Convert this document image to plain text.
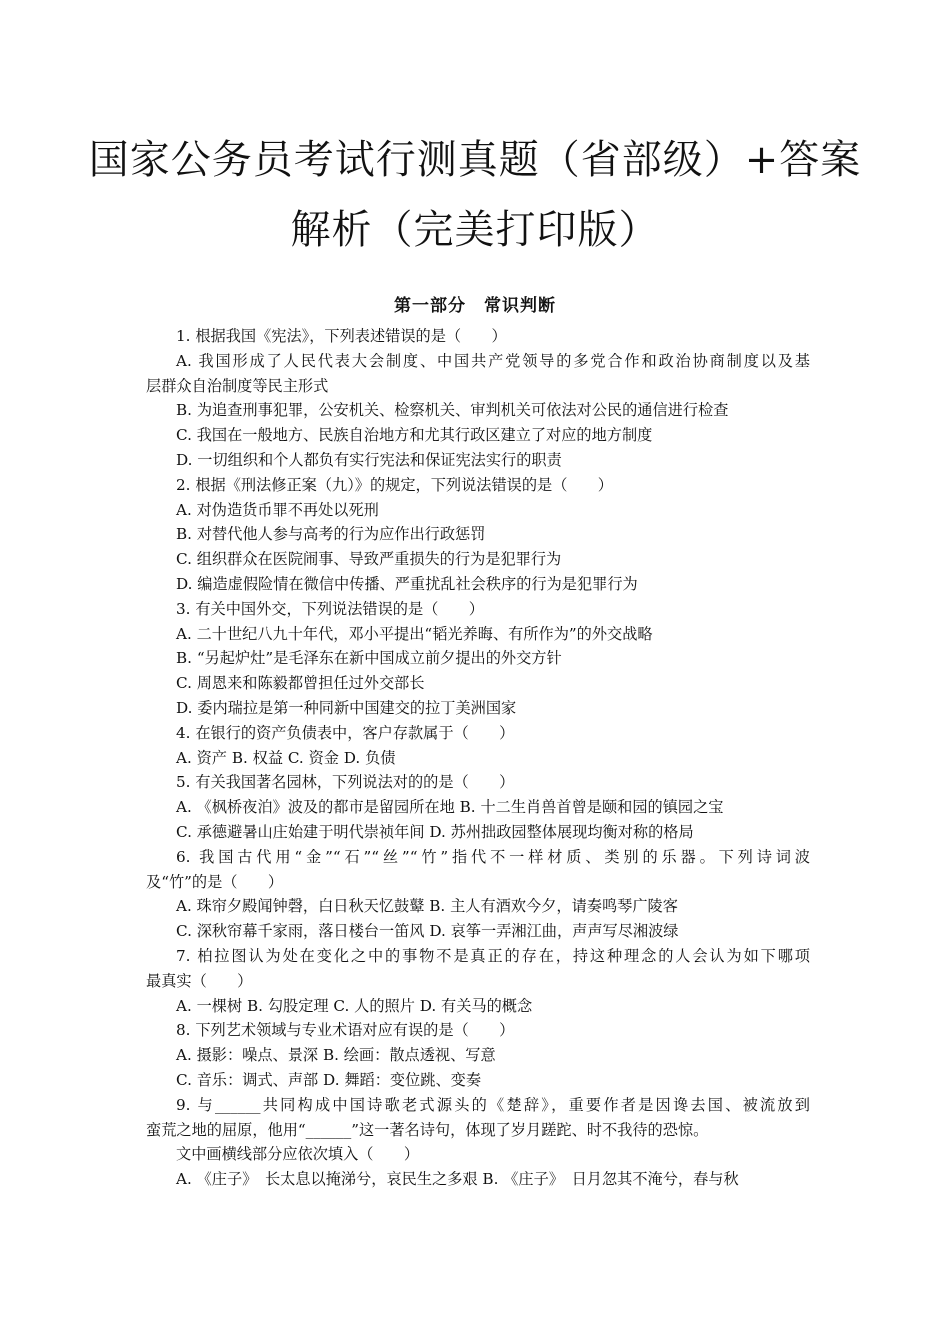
国家公务员考试行测真题（省部级）+答案
解析（完美打印版）
第一部分　常识判断
1. 根据我国《宪法》，下列表述错误的是（　　）
A. 我国形成了人民代表大会制度、中国共产党领导的多党合作和政治协商制度以及基
层群众自治制度等民主形式
B. 为追查刑事犯罪，公安机关、检察机关、审判机关可依法对公民的通信进行检查
C. 我国在一般地方、民族自治地方和尤其行政区建立了对应的地方制度
D. 一切组织和个人都负有实行宪法和保证宪法实行的职责
2. 根据《刑法修正案（九）》的规定，下列说法错误的是（　　）
A. 对伪造货币罪不再处以死刑
B. 对替代他人参与高考的行为应作出行政惩罚
C. 组织群众在医院闹事、导致严重损失的行为是犯罪行为
D. 编造虚假险情在微信中传播、严重扰乱社会秩序的行为是犯罪行为
3. 有关中国外交，下列说法错误的是（　　）
A. 二十世纪八九十年代，邓小平提出“韬光养晦、有所作为”的外交战略
B. “另起炉灶”是毛泽东在新中国成立前夕提出的外交方针
C. 周恩来和陈毅都曾担任过外交部长
D. 委内瑞拉是第一种同新中国建交的拉丁美洲国家
4. 在银行的资产负债表中，客户存款属于（　　）
A. 资产 B. 权益 C. 资金 D. 负债
5. 有关我国著名园林，下列说法对的的是（　　）
A. 《枫桥夜泊》波及的都市是留园所在地 B. 十二生肖兽首曾是颐和园的镇园之宝
C. 承德避暑山庄始建于明代崇祯年间 D. 苏州拙政园整体展现均衡对称的格局
6. 我国古代用“金”“石”“丝”“竹”指代不一样材质、类别的乐器。下列诗词波
及“竹”的是（　　）
A. 珠帘夕殿闻钟磬，白日秋天忆鼓鼙 B. 主人有酒欢今夕，请奏鸣琴广陵客
C. 深秋帘幕千家雨，落日楼台一笛风 D. 哀筝一弄湘江曲，声声写尽湘波绿
7. 柏拉图认为处在变化之中的事物不是真正的存在，持这种理念的人会认为如下哪项
最真实（　　）
A. 一棵树 B. 勾股定理 C. 人的照片 D. 有关马的概念
8. 下列艺术领域与专业术语对应有误的是（　　）
A. 摄影：噪点、景深 B. 绘画：散点透视、写意
C. 音乐：调式、声部 D. 舞蹈：变位跳、变奏
9. 与______共同构成中国诗歌老式源头的《楚辞》，重要作者是因谗去国、被流放到
蛮荒之地的屈原，他用“______”这一著名诗句，体现了岁月蹉跎、时不我待的恐惊。
文中画横线部分应依次填入（　　）
A. 《庄子》　长太息以掩涕兮，哀民生之多艰 B. 《庄子》　日月忽其不淹兮，春与秋
